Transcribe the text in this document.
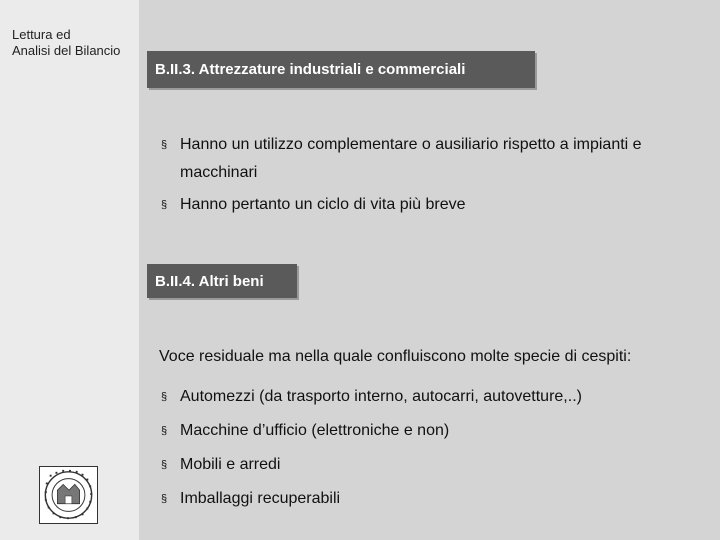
Lettura ed
Analisi del Bilancio
B.II.3. Attrezzature industriali e commerciali
§ Hanno un utilizzo complementare o ausiliario rispetto a impianti e macchinari
§ Hanno pertanto un ciclo di vita più breve
B.II.4. Altri beni
Voce residuale ma nella quale confluiscono molte specie di cespiti:
§ Automezzi (da trasporto interno, autocarri, autovetture,..)
§ Macchine d’ufficio (elettroniche e non)
§ Mobili e arredi
§ Imballaggi recuperabili
